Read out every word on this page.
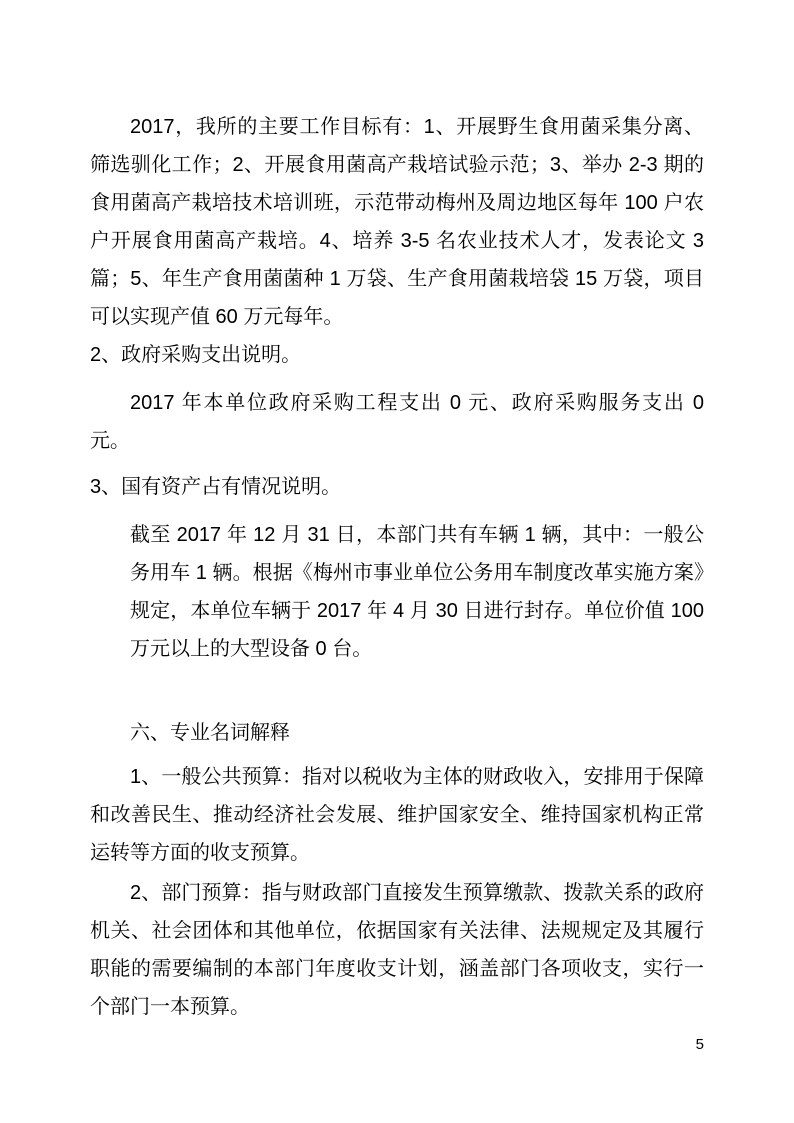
2017，我所的主要工作目标有：1、开展野生食用菌采集分离、筛选驯化工作；2、开展食用菌高产栽培试验示范；3、举办 2-3 期的食用菌高产栽培技术培训班，示范带动梅州及周边地区每年 100 户农户开展食用菌高产栽培。4、培养 3-5 名农业技术人才，发表论文 3 篇；5、年生产食用菌菌种 1 万袋、生产食用菌栽培袋 15 万袋，项目可以实现产值 60 万元每年。

2、政府采购支出说明。

2017 年本单位政府采购工程支出 0 元、政府采购服务支出 0 元。

3、国有资产占有情况说明。

截至 2017 年 12 月 31 日，本部门共有车辆 1 辆，其中：一般公务用车 1 辆。根据《梅州市事业单位公务用车制度改革实施方案》规定，本单位车辆于 2017 年 4 月 30 日进行封存。单位价值 100 万元以上的大型设备 0 台。

六、专业名词解释

1、一般公共预算：指对以税收为主体的财政收入，安排用于保障和改善民生、推动经济社会发展、维护国家安全、维持国家机构正常运转等方面的收支预算。

2、部门预算：指与财政部门直接发生预算缴款、拨款关系的政府机关、社会团体和其他单位，依据国家有关法律、法规规定及其履行职能的需要编制的本部门年度收支计划，涵盖部门各项收支，实行一个部门一本预算。

5
